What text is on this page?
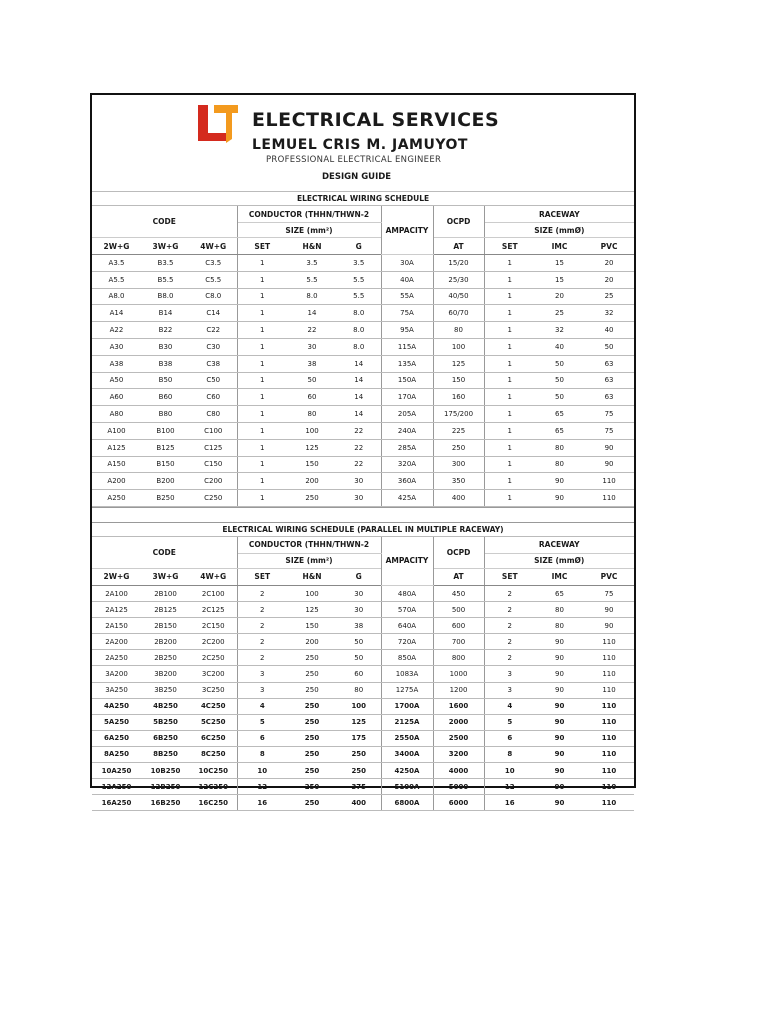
ELECTRICAL SERVICES
LEMUEL CRIS M. JAMUYOT
PROFESSIONAL ELECTRICAL ENGINEER
DESIGN GUIDE
ELECTRICAL WIRING SCHEDULE										
CODE			CONDUCTOR (THHN/THWN-2			AMPACITY	OCPD	RACEWAY		
			SIZE (mm²)					SIZE (mmØ)		
2W+G	3W+G	4W+G	SET	H&N	G		AT	SET	IMC	PVC
A3.5	B3.5	C3.5	1	3.5	3.5	30A	15/20	1	15	20
A5.5	B5.5	C5.5	1	5.5	5.5	40A	25/30	1	15	20
A8.0	B8.0	C8.0	1	8.0	5.5	55A	40/50	1	20	25
A14	B14	C14	1	14	8.0	75A	60/70	1	25	32
A22	B22	C22	1	22	8.0	95A	80	1	32	40
A30	B30	C30	1	30	8.0	115A	100	1	40	50
A38	B38	C38	1	38	14	135A	125	1	50	63
A50	B50	C50	1	50	14	150A	150	1	50	63
A60	B60	C60	1	60	14	170A	160	1	50	63
A80	B80	C80	1	80	14	205A	175/200	1	65	75
A100	B100	C100	1	100	22	240A	225	1	65	75
A125	B125	C125	1	125	22	285A	250	1	80	90
A150	B150	C150	1	150	22	320A	300	1	80	90
A200	B200	C200	1	200	30	360A	350	1	90	110
A250	B250	C250	1	250	30	425A	400	1	90	110
ELECTRICAL WIRING SCHEDULE (PARALLEL IN MULTIPLE RACEWAY)										
CODE			CONDUCTOR (THHN/THWN-2			AMPACITY	OCPD	RACEWAY		
			SIZE (mm²)					SIZE (mmØ)		
2W+G	3W+G	4W+G	SET	H&N	G		AT	SET	IMC	PVC
2A100	2B100	2C100	2	100	30	480A	450	2	65	75
2A125	2B125	2C125	2	125	30	570A	500	2	80	90
2A150	2B150	2C150	2	150	38	640A	600	2	80	90
2A200	2B200	2C200	2	200	50	720A	700	2	90	110
2A250	2B250	2C250	2	250	50	850A	800	2	90	110
3A200	3B200	3C200	3	250	60	1083A	1000	3	90	110
3A250	3B250	3C250	3	250	80	1275A	1200	3	90	110
4A250	4B250	4C250	4	250	100	1700A	1600	4	90	110
5A250	5B250	5C250	5	250	125	2125A	2000	5	90	110
6A250	6B250	6C250	6	250	175	2550A	2500	6	90	110
8A250	8B250	8C250	8	250	250	3400A	3200	8	90	110
10A250	10B250	10C250	10	250	250	4250A	4000	10	90	110
12A250	12B250	12C250	12	250	375	5100A	5000	12	90	110
16A250	16B250	16C250	16	250	400	6800A	6000	16	90	110
